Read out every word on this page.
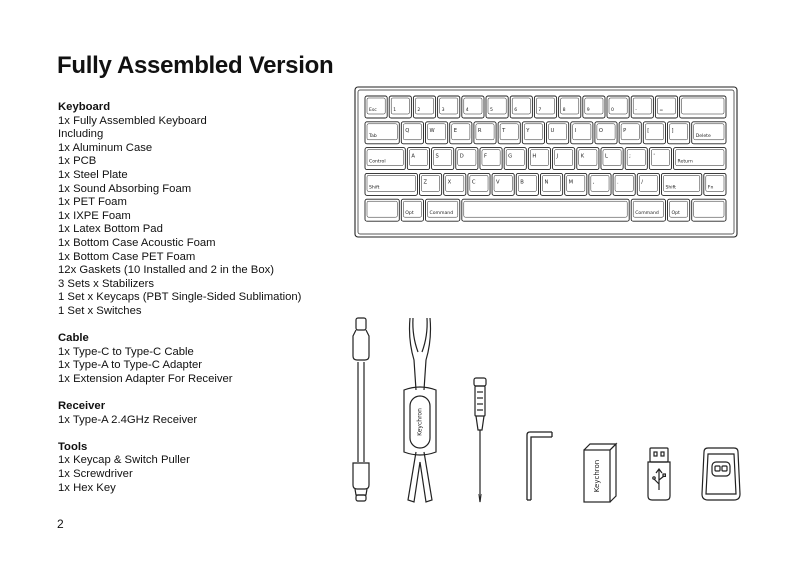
Fully Assembled Version
Keyboard
1x Fully Assembled Keyboard
Including
1x Aluminum Case
1x PCB
1x Steel Plate
1x Sound Absorbing Foam
1x PET Foam
1x IXPE Foam
1x Latex Bottom Pad
1x Bottom Case Acoustic Foam
1x Bottom Case PET Foam
12x Gaskets (10 Installed and 2 in the Box)
3 Sets x Stabilizers
1 Set x Keycaps (PBT Single-Sided Sublimation)
1 Set x Switches
Cable
1x Type-C to Type-C Cable
1x Type-A to Type-C Adapter
1x Extension Adapter For Receiver
Receiver
1x Type-A 2.4GHz Receiver
Tools
1x Keycap & Switch Puller
1x Screwdriver
1x Hex Key
2
Esc	1	2	3	4	5	6	7	8	9	0	-	=
Tab
Q	W	E	R	T	Y	U	I	O	P	[	]
Delete
Control
A	S	D	F	G	H	J	K	L	;	'
Return
Shift
Z	X	C	V	B	N	M	,	.	/
Shift	Fn
Opt	Command	Command	Opt
Keychron
Keychron
